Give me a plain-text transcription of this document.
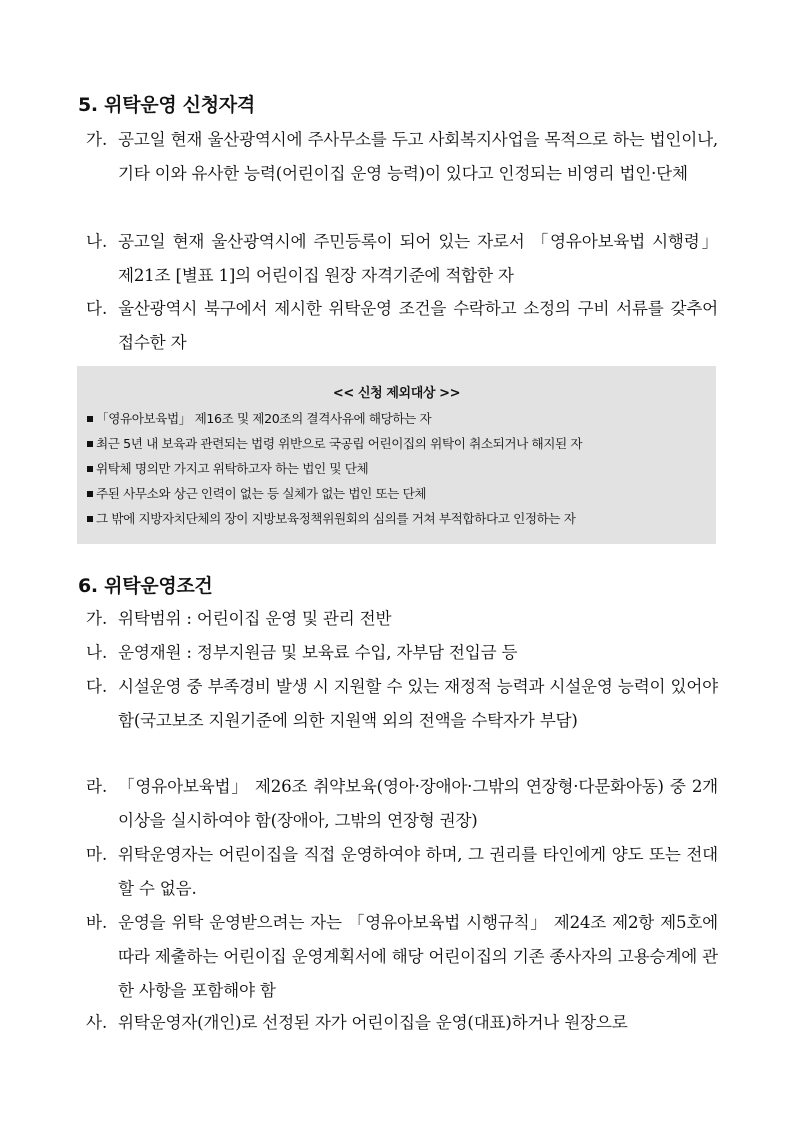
5. 위탁운영 신청자격
가. 공고일 현재 울산광역시에 주사무소를 두고 사회복지사업을 목적으로 하는 법인이나, 기타 이와 유사한 능력(어린이집 운영 능력)이 있다고 인정되는 비영리 법인·단체
나. 공고일 현재 울산광역시에 주민등록이 되어 있는 자로서 「영유아보육법 시행령」 제21조 [별표 1]의 어린이집 원장 자격기준에 적합한 자
다. 울산광역시 북구에서 제시한 위탁운영 조건을 수락하고 소정의 구비 서류를 갖추어 접수한 자
<< 신청 제외대상 >>
「영유아보육법」 제16조 및 제20조의 결격사유에 해당하는 자
최근 5년 내 보육과 관련되는 법령 위반으로 국공립 어린이집의 위탁이 취소되거나 해지된 자
위탁체 명의만 가지고 위탁하고자 하는 법인 및 단체
주된 사무소와 상근 인력이 없는 등 실체가 없는 법인 또는 단체
그 밖에 지방자치단체의 장이 지방보육정책위원회의 심의를 거쳐 부적합하다고 인정하는 자
6. 위탁운영조건
가. 위탁범위 : 어린이집 운영 및 관리 전반
나. 운영재원 : 정부지원금 및 보육료 수입, 자부담 전입금 등
다. 시설운영 중 부족경비 발생 시 지원할 수 있는 재정적 능력과 시설운영 능력이 있어야 함(국고보조 지원기준에 의한 지원액 외의 전액을 수탁자가 부담)
라. 「영유아보육법」 제26조 취약보육(영아·장애아·그밖의 연장형·다문화아동) 중 2개 이상을 실시하여야 함(장애아, 그밖의 연장형 권장)
마. 위탁운영자는 어린이집을 직접 운영하여야 하며, 그 권리를 타인에게 양도 또는 전대할 수 없음.
바. 운영을 위탁 운영받으려는 자는 「영유아보육법 시행규칙」 제24조 제2항 제5호에 따라 제출하는 어린이집 운영계획서에 해당 어린이집의 기존 종사자의 고용승계에 관한 사항을 포함해야 함
사. 위탁운영자(개인)로 선정된 자가 어린이집을 운영(대표)하거나 원장으로
